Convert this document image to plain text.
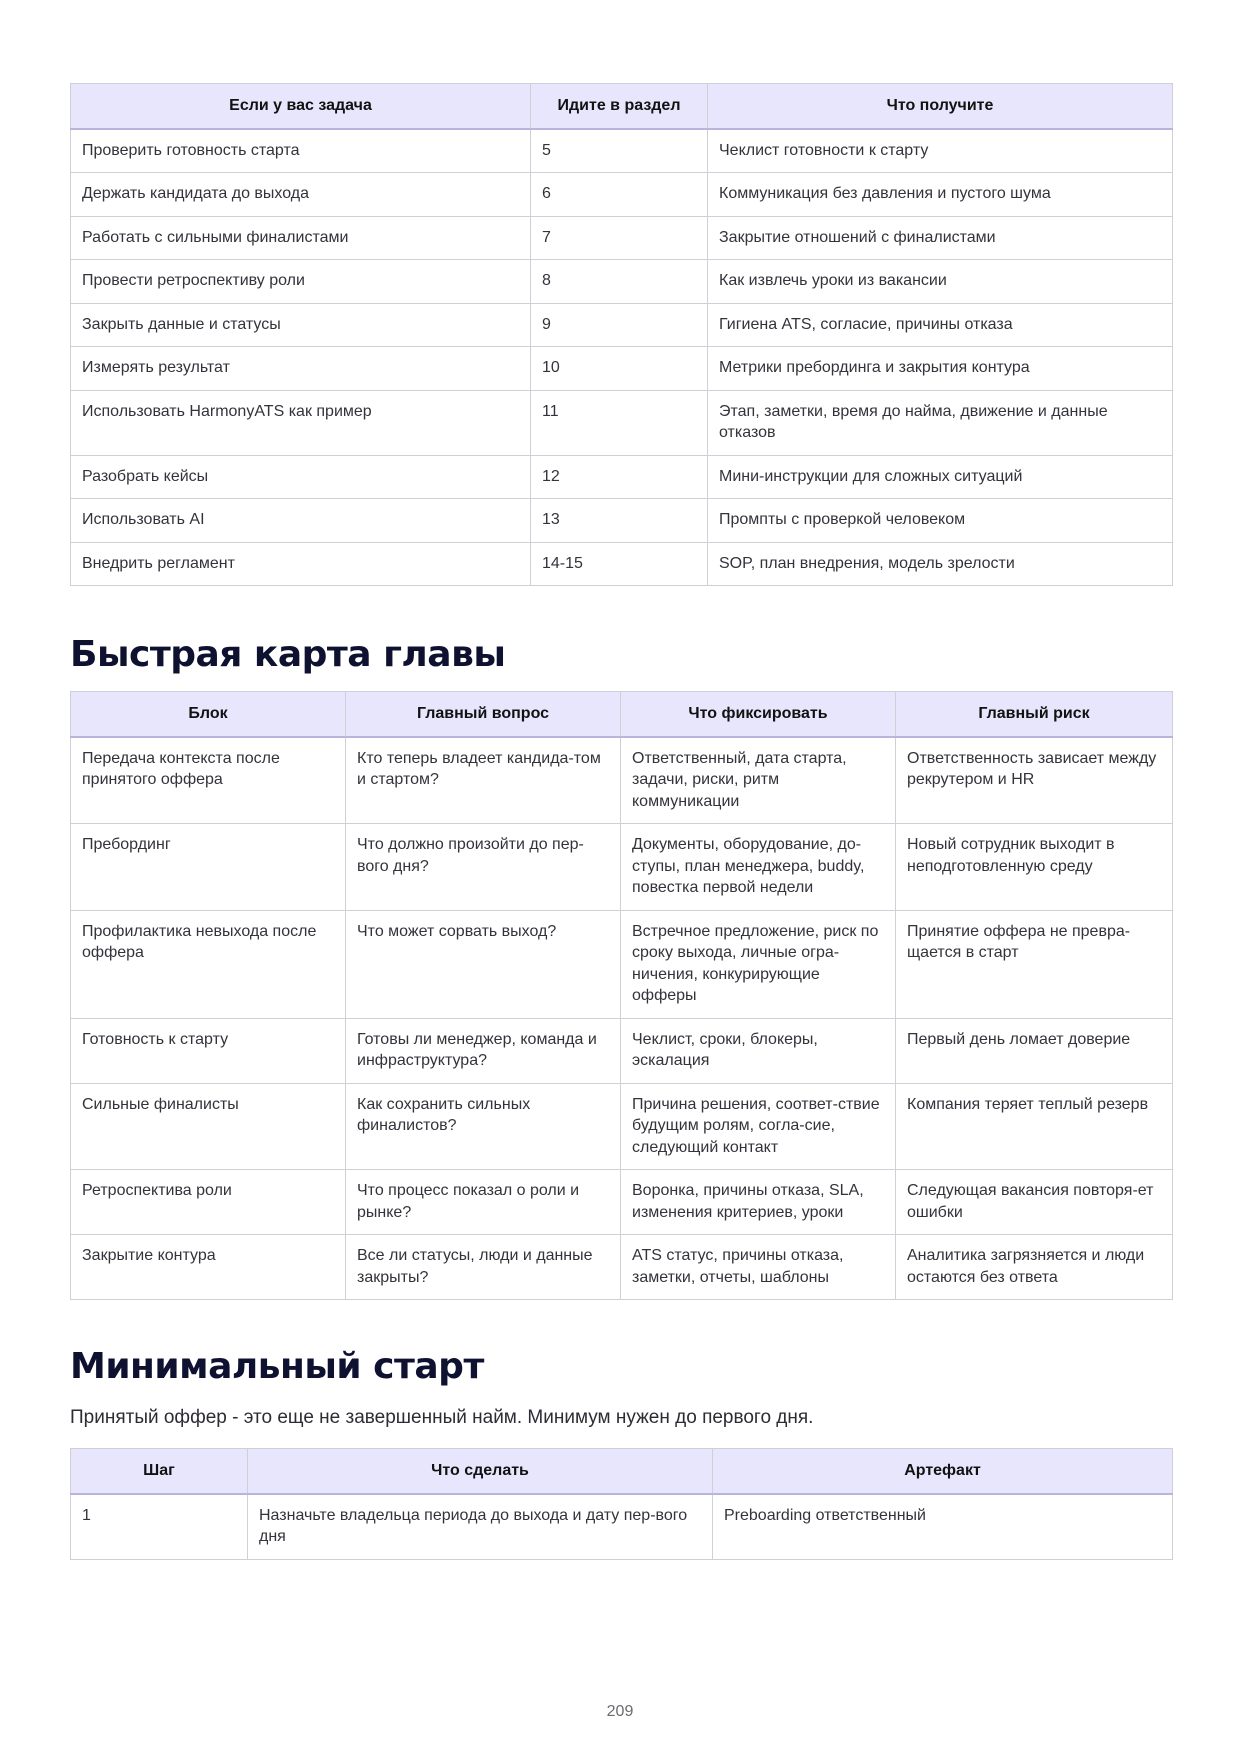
Если у вас задача	Идите в раздел	Что получите
Проверить готовность старта	5	Чеклист готовности к старту
Держать кандидата до выхода	6	Коммуникация без давления и пустого шума
Работать с сильными финалистами	7	Закрытие отношений с финалистами
Провести ретроспективу роли	8	Как извлечь уроки из вакансии
Закрыть данные и статусы	9	Гигиена ATS, согласие, причины отказа
Измерять результат	10	Метрики пребординга и закрытия контура
Использовать HarmonyATS как пример	11	Этап, заметки, время до найма, движение и данные отказов
Разобрать кейсы	12	Мини-инструкции для сложных ситуаций
Использовать AI	13	Промпты с проверкой человеком
Внедрить регламент	14-15	SOP, план внедрения, модель зрелости
Быстрая карта главы
Блок	Главный вопрос	Что фиксировать	Главный риск
Передача контекста после принятого оффера	Кто теперь владеет кандида-том и стартом?	Ответственный, дата старта, задачи, риски, ритм коммуникации	Ответственность зависает между рекрутером и HR
Пребординг	Что должно произойти до пер-вого дня?	Документы, оборудование, до-ступы, план менеджера, buddy, повестка первой недели	Новый сотрудник выходит в неподготовленную среду
Профилактика невыхода после оффера	Что может сорвать выход?	Встречное предложение, риск по сроку выхода, личные огра-ничения, конкурирующие офферы	Принятие оффера не превра-щается в старт
Готовность к старту	Готовы ли менеджер, команда и инфраструктура?	Чеклист, сроки, блокеры, эскалация	Первый день ломает доверие
Сильные финалисты	Как сохранить сильных финалистов?	Причина решения, соответ-ствие будущим ролям, согла-сие, следующий контакт	Компания теряет теплый резерв
Ретроспектива роли	Что процесс показал о роли и рынке?	Воронка, причины отказа, SLA, изменения критериев, уроки	Следующая вакансия повторя-ет ошибки
Закрытие контура	Все ли статусы, люди и данные закрыты?	ATS статус, причины отказа, заметки, отчеты, шаблоны	Аналитика загрязняется и люди остаются без ответа
Минимальный старт

Принятый оффер - это еще не завершенный найм. Минимум нужен до первого дня.

Шаг	Что сделать	Артефакт
1	Назначьте владельца периода до выхода и дату пер-вого дня	Preboarding ответственный
209
